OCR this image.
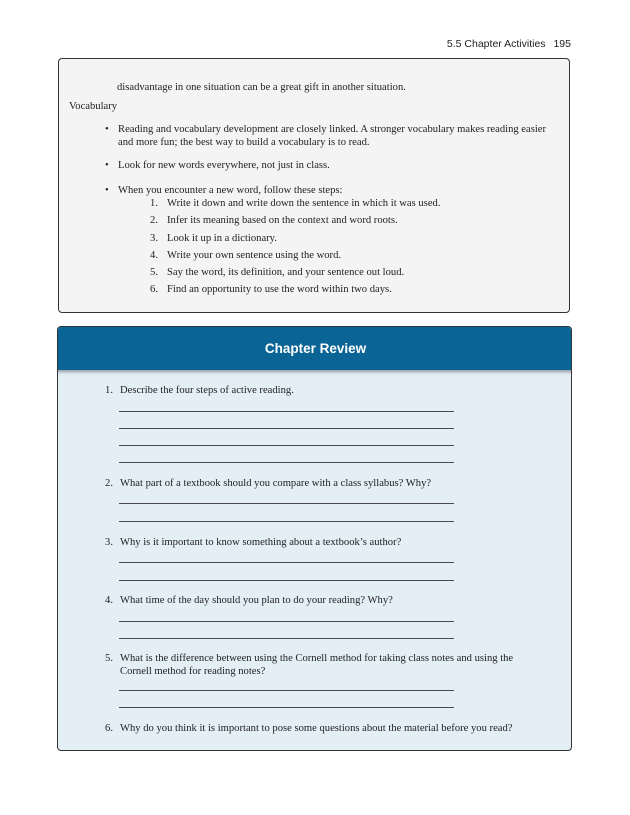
5.5 Chapter Activities 195
disadvantage in one situation can be a great gift in another situation.
Vocabulary
• Reading and vocabulary development are closely linked. A stronger vocabulary makes reading easier and more fun; the best way to build a vocabulary is to read.
• Look for new words everywhere, not just in class.
• When you encounter a new word, follow these steps:
1. Write it down and write down the sentence in which it was used.
2. Infer its meaning based on the context and word roots.
3. Look it up in a dictionary.
4. Write your own sentence using the word.
5. Say the word, its definition, and your sentence out loud.
6. Find an opportunity to use the word within two days.
Chapter Review
1. Describe the four steps of active reading.
2. What part of a textbook should you compare with a class syllabus? Why?
3. Why is it important to know something about a textbook’s author?
4. What time of the day should you plan to do your reading? Why?
5. What is the difference between using the Cornell method for taking class notes and using the Cornell method for reading notes?
6. Why do you think it is important to pose some questions about the material before you read?
